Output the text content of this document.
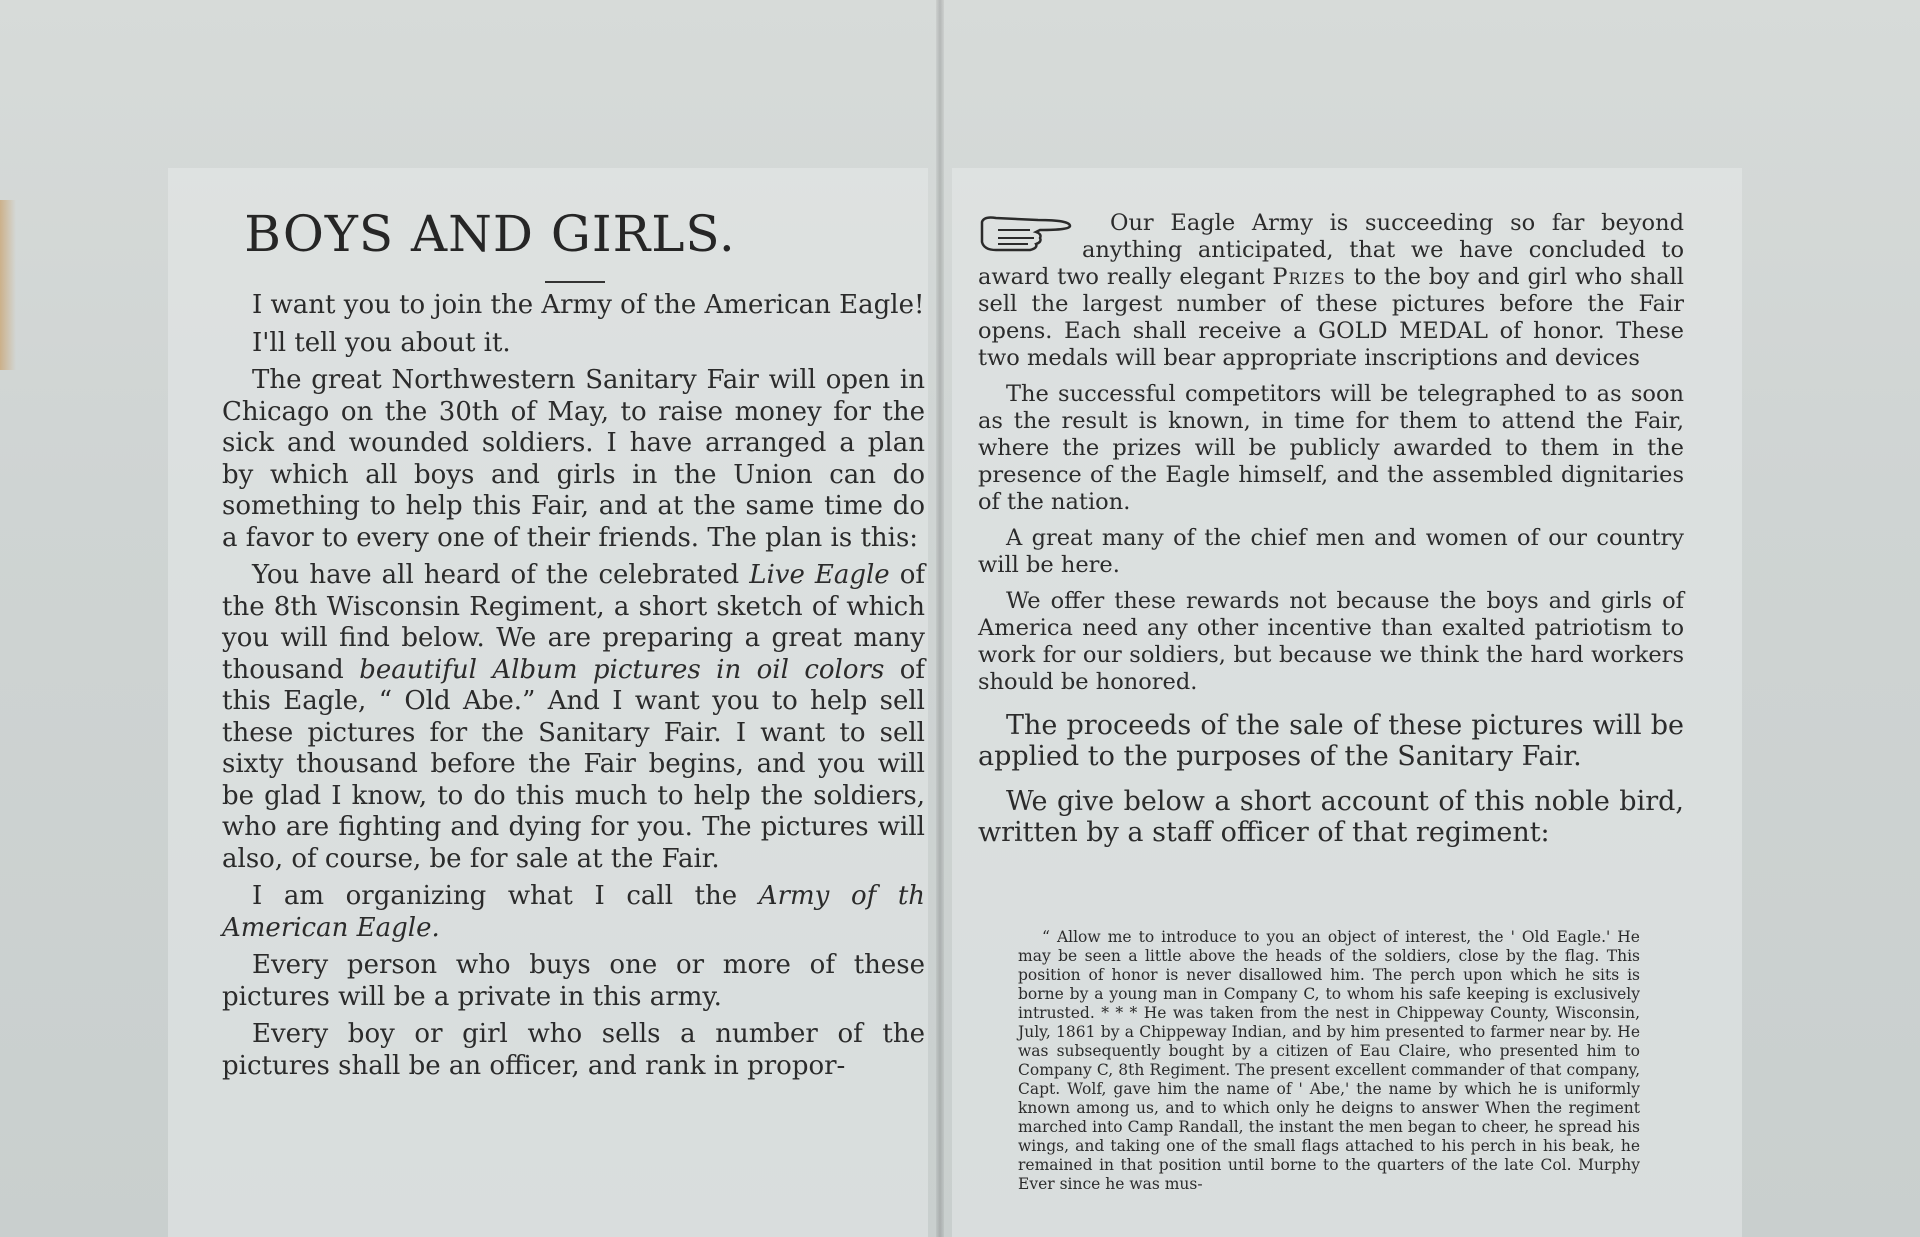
BOYS AND GIRLS.

I want you to join the Army of the American Eagle!

I'll tell you about it.

The great Northwestern Sanitary Fair will open in Chicago on the 30th of May, to raise money for the sick and wounded soldiers. I have arranged a plan by which all boys and girls in the Union can do something to help this Fair, and at the same time do a favor to every one of their friends. The plan is this:

You have all heard of the celebrated Live Eagle of the 8th Wisconsin Regiment, a short sketch of which you will find below. We are preparing a great many thousand beautiful Album pictures in oil colors of this Eagle, “ Old Abe.” And I want you to help sell these pictures for the Sanitary Fair. I want to sell sixty thousand before the Fair begins, and you will be glad I know, to do this much to help the soldiers, who are fighting and dying for you. The pictures will also, of course, be for sale at the Fair.

I am organizing what I call the Army of th American Eagle.

Every person who buys one or more of these pictures will be a private in this army.

Every boy or girl who sells a number of the pictures shall be an officer, and rank in propor-

Our Eagle Army is succeeding so far beyond anything anticipated, that we have concluded to award two really elegant Prizes to the boy and girl who shall sell the largest number of these pictures before the Fair opens. Each shall receive a GOLD MEDAL of honor. These two medals will bear appropriate inscriptions and devices

The successful competitors will be telegraphed to as soon as the result is known, in time for them to attend the Fair, where the prizes will be publicly awarded to them in the presence of the Eagle himself, and the assembled dignitaries of the nation.

A great many of the chief men and women of our country will be here.

We offer these rewards not because the boys and girls of America need any other incentive than exalted patriotism to work for our soldiers, but because we think the hard workers should be honored.

The proceeds of the sale of these pictures will be applied to the purposes of the Sanitary Fair.

We give below a short account of this noble bird, written by a staff officer of that regiment:

“ Allow me to introduce to you an object of interest, the ' Old Eagle.' He may be seen a little above the heads of the soldiers, close by the flag. This position of honor is never disallowed him. The perch upon which he sits is borne by a young man in Company C, to whom his safe keeping is exclusively intrusted. * * * He was taken from the nest in Chippeway County, Wisconsin, July, 1861 by a Chippeway Indian, and by him presented to farmer near by. He was subsequently bought by a citizen of Eau Claire, who presented him to Company C, 8th Regiment. The present excellent commander of that company, Capt. Wolf, gave him the name of ' Abe,' the name by which he is uniformly known among us, and to which only he deigns to answer When the regiment marched into Camp Randall, the instant the men began to cheer, he spread his wings, and taking one of the small flags attached to his perch in his beak, he remained in that position until borne to the quarters of the late Col. Murphy Ever since he was mus-
